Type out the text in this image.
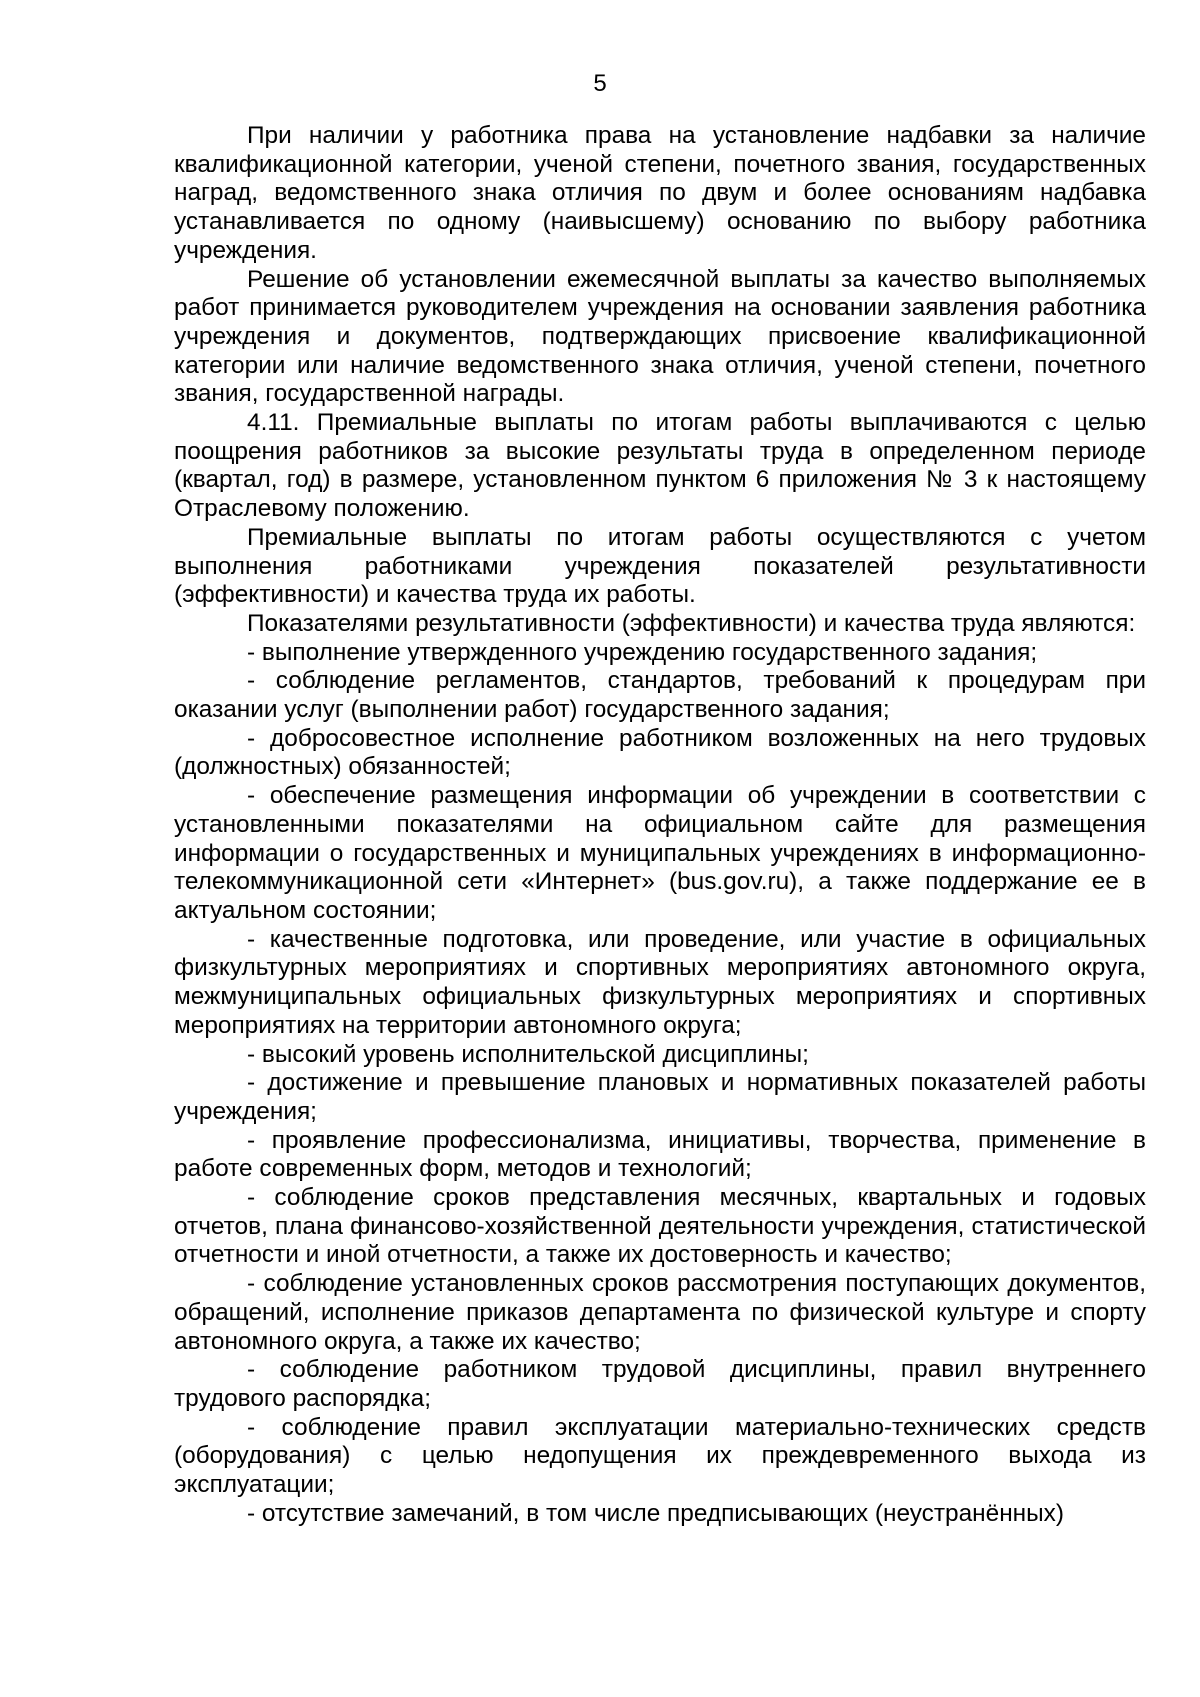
5

При наличии у работника права на установление надбавки за наличие квалификационной категории, ученой степени, почетного звания, государственных наград, ведомственного знака отличия по двум и более основаниям надбавка устанавливается по одному (наивысшему) основанию по выбору работника учреждения.

Решение об установлении ежемесячной выплаты за качество выполняемых работ принимается руководителем учреждения на основании заявления работника учреждения и документов, подтверждающих присвоение квалификационной категории или наличие ведомственного знака отличия, ученой степени, почетного звания, государственной награды.

4.11. Премиальные выплаты по итогам работы выплачиваются с целью поощрения работников за высокие результаты труда в определенном периоде (квартал, год) в размере, установленном пунктом 6 приложения № 3 к настоящему Отраслевому положению.

Премиальные выплаты по итогам работы осуществляются с учетом выполнения работниками учреждения показателей результативности (эффективности) и качества труда их работы.

Показателями результативности (эффективности) и качества труда являются:

- выполнение утвержденного учреждению государственного задания;

- соблюдение регламентов, стандартов, требований к процедурам при оказании услуг (выполнении работ) государственного задания;

- добросовестное исполнение работником возложенных на него трудовых (должностных) обязанностей;

- обеспечение размещения информации об учреждении в соответствии с установленными показателями на официальном сайте для размещения информации о государственных и муниципальных учреждениях в информационно-телекоммуникационной сети «Интернет» (bus.gov.ru), а также поддержание ее в актуальном состоянии;

- качественные подготовка, или проведение, или участие в официальных физкультурных мероприятиях и спортивных мероприятиях автономного округа, межмуниципальных официальных физкультурных мероприятиях и спортивных мероприятиях на территории автономного округа;

- высокий уровень исполнительской дисциплины;

- достижение и превышение плановых и нормативных показателей работы учреждения;

- проявление профессионализма, инициативы, творчества, применение в работе современных форм, методов и технологий;

- соблюдение сроков представления месячных, квартальных и годовых отчетов, плана финансово-хозяйственной деятельности учреждения, статистической отчетности и иной отчетности, а также их достоверность и качество;

- соблюдение установленных сроков рассмотрения поступающих документов, обращений, исполнение приказов департамента по физической культуре и спорту автономного округа, а также их качество;

- соблюдение работником трудовой дисциплины, правил внутреннего трудового распорядка;

- соблюдение правил эксплуатации материально-технических средств (оборудования) с целью недопущения их преждевременного выхода из эксплуатации;

- отсутствие замечаний, в том числе предписывающих (неустранённых)
